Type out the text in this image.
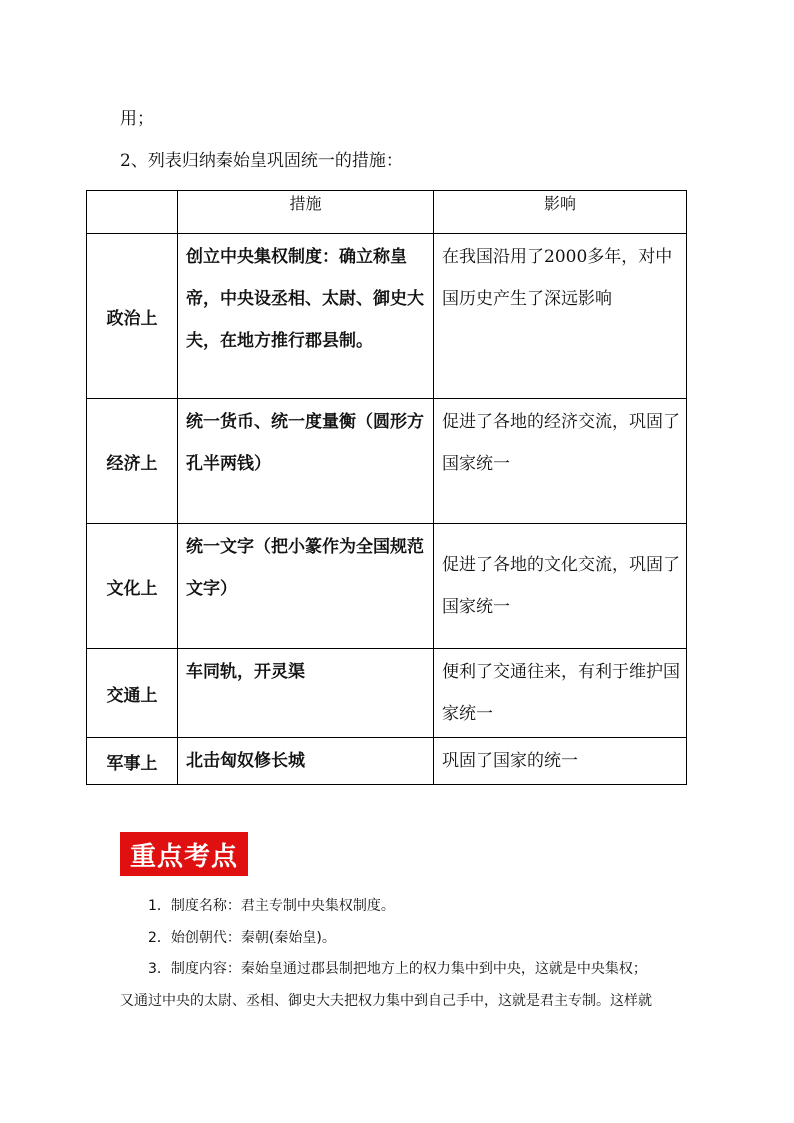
用；
2、列表归纳秦始皇巩固统一的措施：
	措施	影响
政治上	创立中央集权制度：确立称皇帝，中央设丞相、太尉、御史大夫，在地方推行郡县制。	在我国沿用了2000多年，对中国历史产生了深远影响
经济上	统一货币、统一度量衡（圆形方孔半两钱）	促进了各地的经济交流，巩固了国家统一
文化上	统一文字（把小篆作为全国规范文字）	促进了各地的文化交流，巩固了国家统一
交通上	车同轨，开灵渠	便利了交通往来，有利于维护国家统一
军事上	北击匈奴修长城	巩固了国家的统一
重点考点
1．制度名称：君主专制中央集权制度。
2．始创朝代：秦朝(秦始皇)。
3．制度内容：秦始皇通过郡县制把地方上的权力集中到中央，这就是中央集权；
又通过中央的太尉、丞相、御史大夫把权力集中到自己手中，这就是君主专制。这样就
